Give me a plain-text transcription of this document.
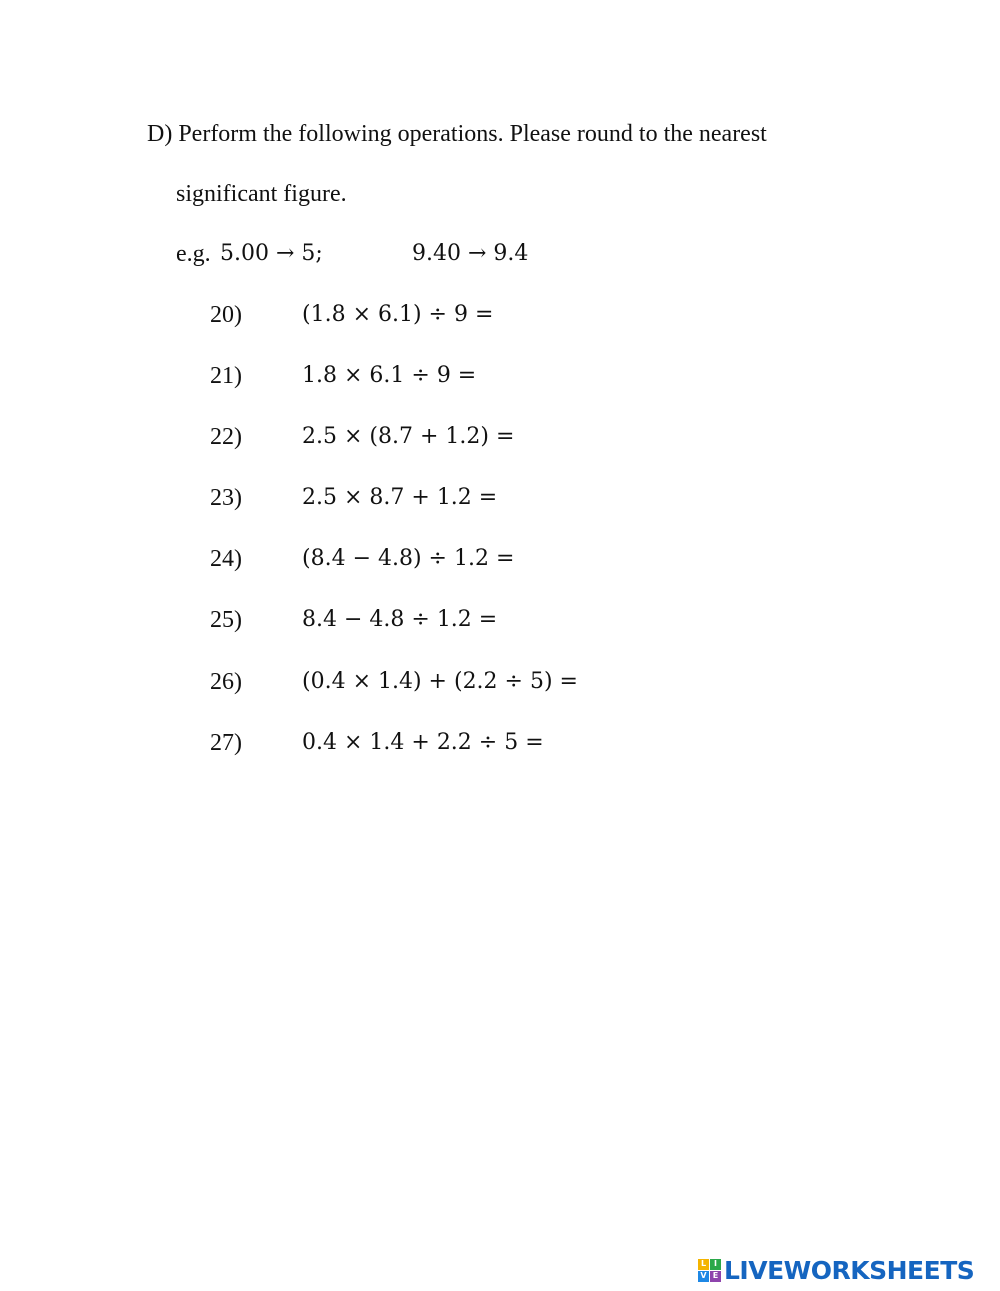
D) Perform the following operations. Please round to the nearest
significant figure.
e.g. 5.00 → 5;	9.40 → 9.4
20)	(1.8 × 6.1) ÷ 9 =
21)	1.8 × 6.1 ÷ 9 =
22)	2.5 × (8.7 + 1.2) =
23)	2.5 × 8.7 + 1.2 =
24)	(8.4 − 4.8) ÷ 1.2 =
25)	8.4 − 4.8 ÷ 1.2 =
26)	(0.4 × 1.4) + (2.2 ÷ 5) =
27)	0.4 × 1.4 + 2.2 ÷ 5 =
L I
V E LIVEWORKSHEETS
